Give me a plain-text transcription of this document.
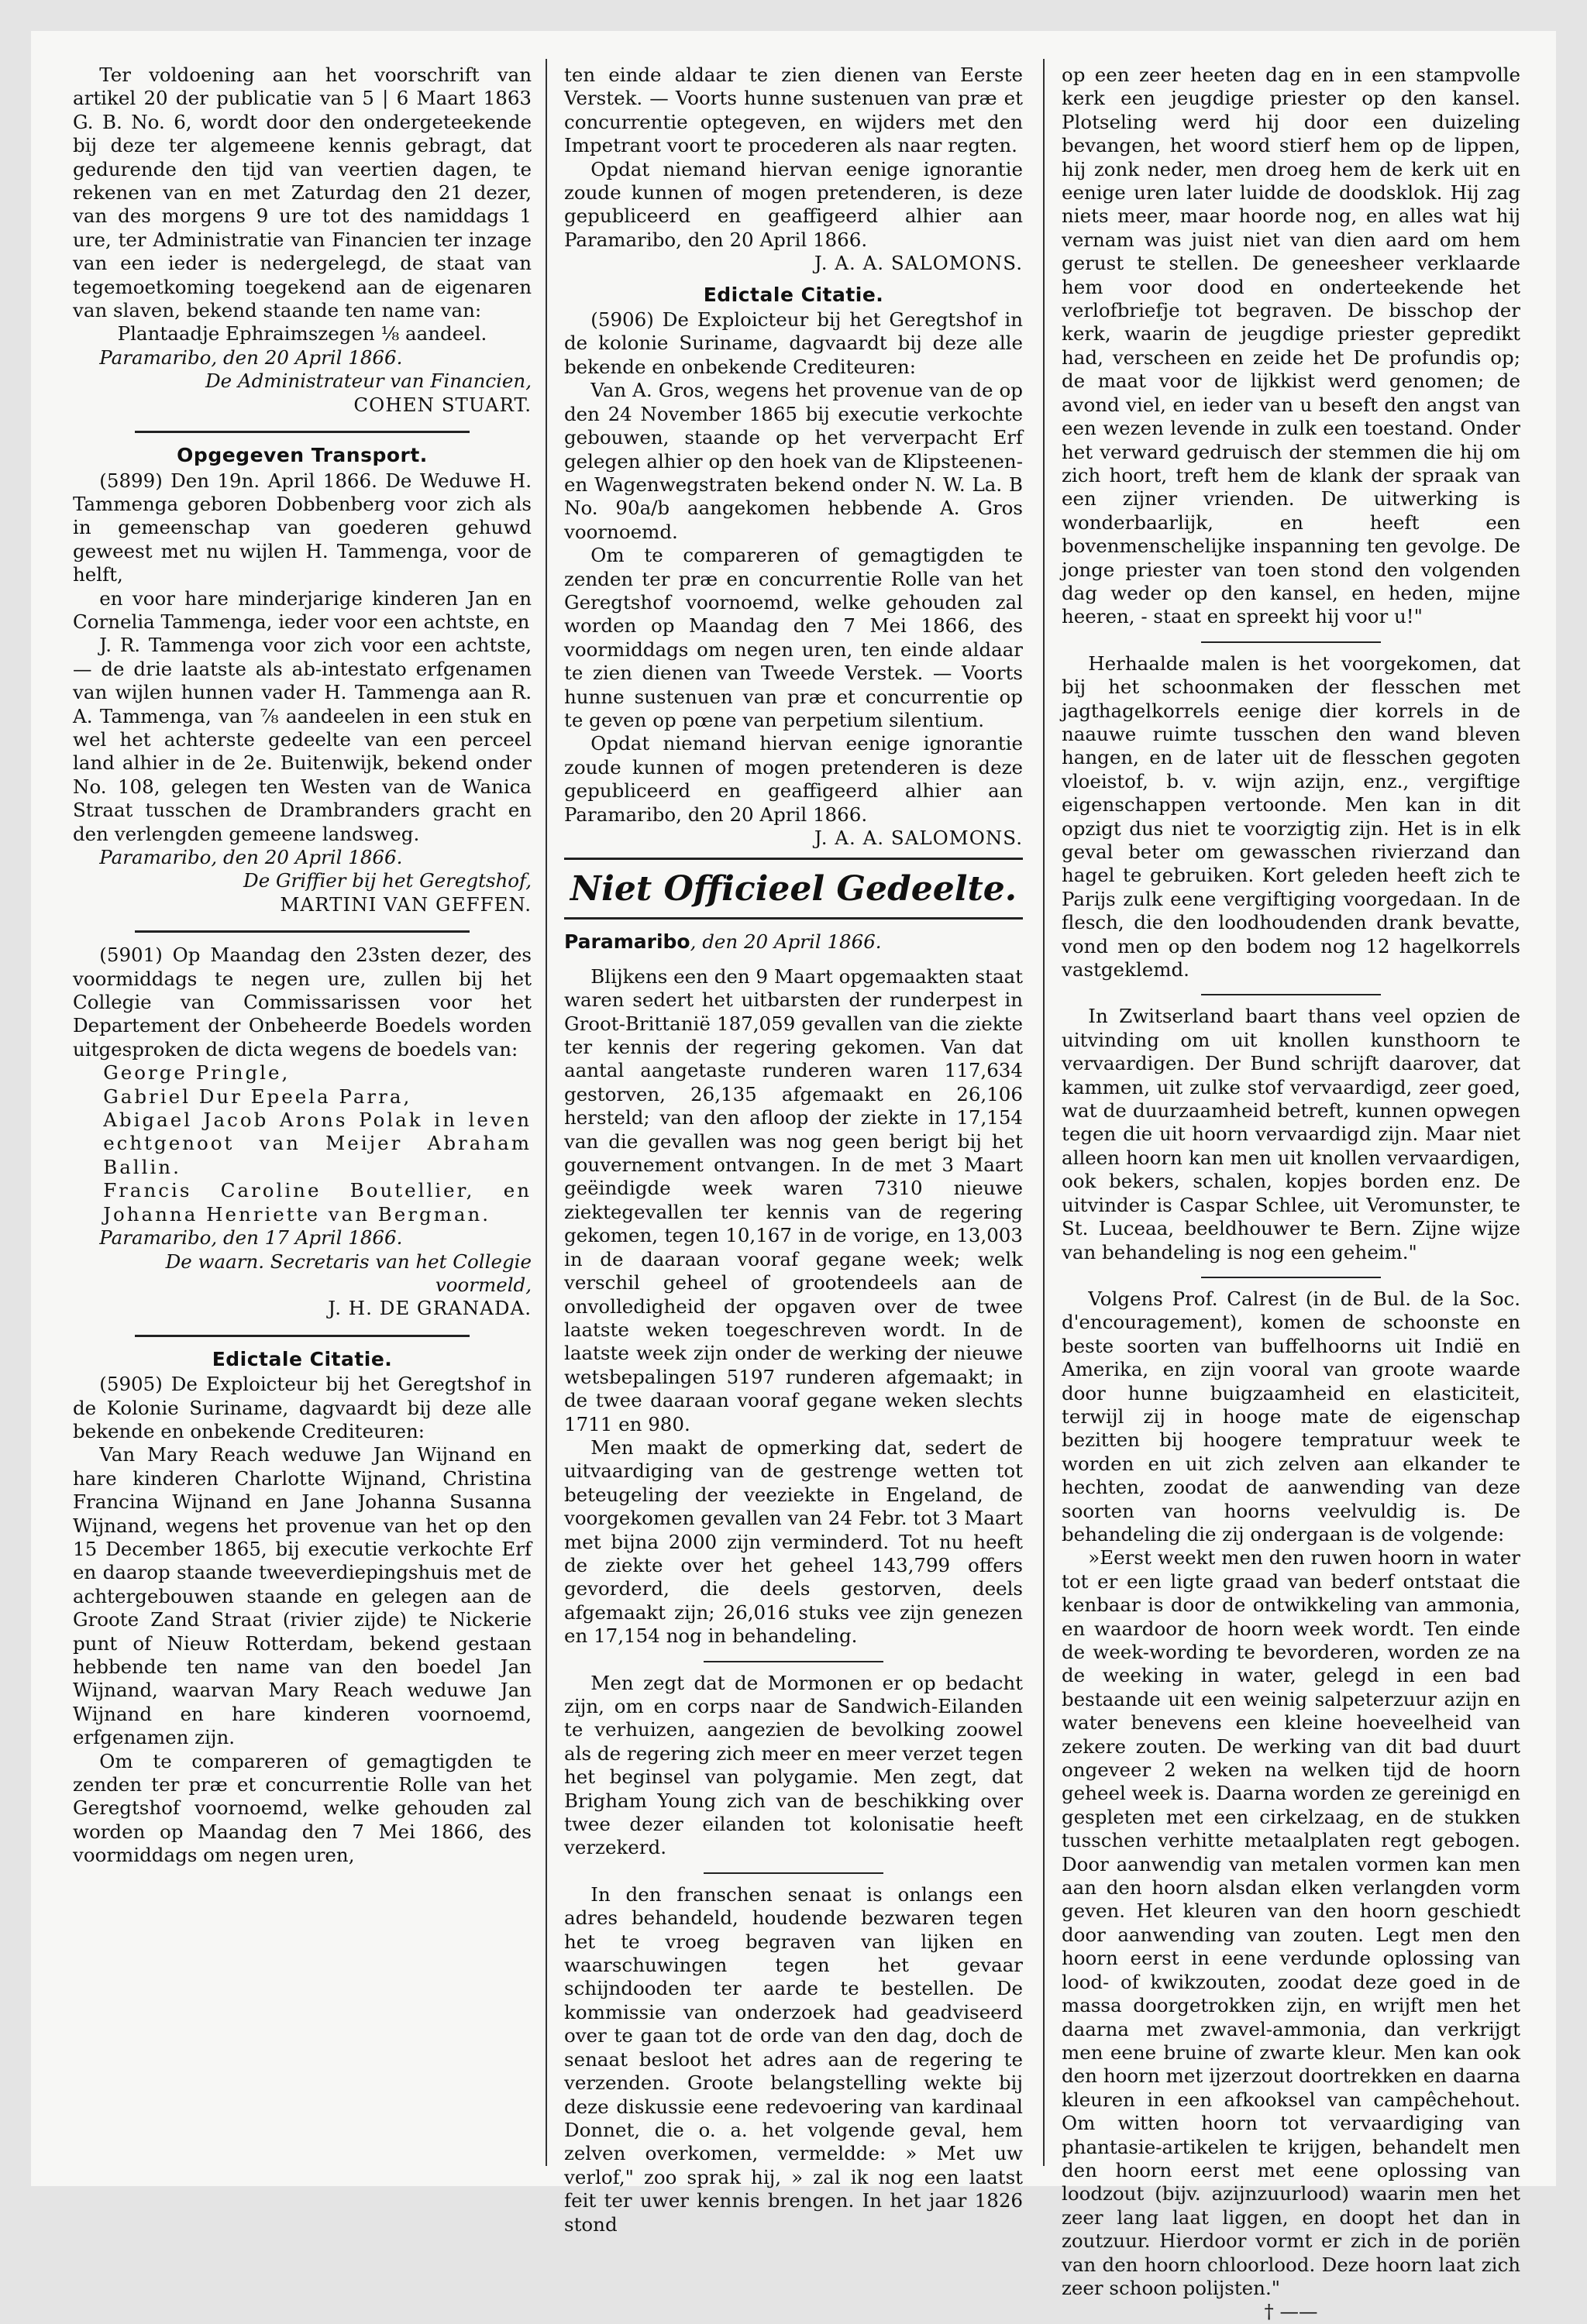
Ter voldoening aan het voorschrift van artikel 20 der publicatie van 5 | 6 Maart 1863 G. B. No. 6, wordt door den ondergeteekende bij deze ter algemeene kennis gebragt, dat gedurende den tijd van veertien dagen, te rekenen van en met Zaturdag den 21 dezer, van des morgens 9 ure tot des namiddags 1 ure, ter Administratie van Financien ter inzage van een ieder is nedergelegd, de staat van tegemoetkoming toegekend aan de eigenaren van slaven, bekend staande ten name van:

Plantaadje Ephraimszegen ⅛ aandeel.

Paramaribo, den 20 April 1866.

De Administrateur van Financien,

COHEN STUART.

Opgegeven Transport.

(5899) Den 19n. April 1866. De Weduwe H. Tammenga geboren Dobbenberg voor zich als in gemeenschap van goederen gehuwd geweest met nu wijlen H. Tammenga, voor de helft,

en voor hare minderjarige kinderen Jan en Cornelia Tammenga, ieder voor een achtste, en

J. R. Tammenga voor zich voor een achtste, — de drie laatste als ab-intestato erfgenamen van wijlen hunnen vader H. Tammenga aan R. A. Tammenga, van ⅞ aandeelen in een stuk en wel het achterste gedeelte van een perceel land alhier in de 2e. Buitenwijk, bekend onder No. 108, gelegen ten Westen van de Wanica Straat tusschen de Drambranders gracht en den verlengden gemeene landsweg.

Paramaribo, den 20 April 1866.

De Griffier bij het Geregtshof,

MARTINI VAN GEFFEN.

(5901) Op Maandag den 23sten dezer, des voormiddags te negen ure, zullen bij het Collegie van Commissarissen voor het Departement der Onbeheerde Boedels worden uitgesproken de dicta wegens de boedels van:

George Pringle,

Gabriel Dur Epeela Parra,

Abigael Jacob Arons Polak in leven echtgenoot van Meijer Abraham Ballin.

Francis Caroline Boutellier, en Johanna Henriette van Bergman.

Paramaribo, den 17 April 1866.

De waarn. Secretaris van het Collegie voormeld,

J. H. DE GRANADA.

Edictale Citatie.

(5905) De Exploicteur bij het Geregtshof in de Kolonie Suriname, dagvaardt bij deze alle bekende en onbekende Crediteuren:

Van Mary Reach weduwe Jan Wijnand en hare kinderen Charlotte Wijnand, Christina Francina Wijnand en Jane Johanna Susanna Wijnand, wegens het provenue van het op den 15 December 1865, bij executie verkochte Erf en daarop staande tweeverdiepingshuis met de achtergebouwen staande en gelegen aan de Groote Zand Straat (rivier zijde) te Nickerie punt of Nieuw Rotterdam, bekend gestaan hebbende ten name van den boedel Jan Wijnand, waarvan Mary Reach weduwe Jan Wijnand en hare kinderen voornoemd, erfgenamen zijn.

Om te compareren of gemagtigden te zenden ter præ et concurrentie Rolle van het Geregtshof voornoemd, welke gehouden zal worden op Maandag den 7 Mei 1866, des voormiddags om negen uren,

ten einde aldaar te zien dienen van Eerste Verstek. — Voorts hunne sustenuen van præ et concurrentie optegeven, en wijders met den Impetrant voort te procederen als naar regten.

Opdat niemand hiervan eenige ignorantie zoude kunnen of mogen pretenderen, is deze gepubliceerd en geaffigeerd alhier aan Paramaribo, den 20 April 1866.

J. A. A. SALOMONS.

Edictale Citatie.

(5906) De Exploicteur bij het Geregtshof in de kolonie Suriname, dagvaardt bij deze alle bekende en onbekende Crediteuren:

Van A. Gros, wegens het provenue van de op den 24 November 1865 bij executie verkochte gebouwen, staande op het ververpacht Erf gelegen alhier op den hoek van de Klipsteenen- en Wagenwegstraten bekend onder N. W. La. B No. 90a/b aangekomen hebbende A. Gros voornoemd.

Om te compareren of gemagtigden te zenden ter præ en concurrentie Rolle van het Geregtshof voornoemd, welke gehouden zal worden op Maandag den 7 Mei 1866, des voormiddags om negen uren, ten einde aldaar te zien dienen van Tweede Verstek. — Voorts hunne sustenuen van præ et concurrentie op te geven op pœne van perpetium silentium.

Opdat niemand hiervan eenige ignorantie zoude kunnen of mogen pretenderen is deze gepubliceerd en geaffigeerd alhier aan Paramaribo, den 20 April 1866.

J. A. A. SALOMONS.

Niet Officieel Gedeelte.

Paramaribo, den 20 April 1866.

Blijkens een den 9 Maart opgemaakten staat waren sedert het uitbarsten der runderpest in Groot-Brittanië 187,059 gevallen van die ziekte ter kennis der regering gekomen. Van dat aantal aangetaste runderen waren 117,634 gestorven, 26,135 afgemaakt en 26,106 hersteld; van den afloop der ziekte in 17,154 van die gevallen was nog geen berigt bij het gouvernement ontvangen. In de met 3 Maart geëindigde week waren 7310 nieuwe ziektegevallen ter kennis van de regering gekomen, tegen 10,167 in de vorige, en 13,003 in de daaraan vooraf gegane week; welk verschil geheel of grootendeels aan de onvolledigheid der opgaven over de twee laatste weken toegeschreven wordt. In de laatste week zijn onder de werking der nieuwe wetsbepalingen 5197 runderen afgemaakt; in de twee daaraan vooraf gegane weken slechts 1711 en 980.

Men maakt de opmerking dat, sedert de uitvaardiging van de gestrenge wetten tot beteugeling der veeziekte in Engeland, de voorgekomen gevallen van 24 Febr. tot 3 Maart met bijna 2000 zijn verminderd. Tot nu heeft de ziekte over het geheel 143,799 offers gevorderd, die deels gestorven, deels afgemaakt zijn; 26,016 stuks vee zijn genezen en 17,154 nog in behandeling.

Men zegt dat de Mormonen er op bedacht zijn, om en corps naar de Sandwich-Eilanden te verhuizen, aangezien de bevolking zoowel als de regering zich meer en meer verzet tegen het beginsel van polygamie. Men zegt, dat Brigham Young zich van de beschikking over twee dezer eilanden tot kolonisatie heeft verzekerd.

In den franschen senaat is onlangs een adres behandeld, houdende bezwaren tegen het te vroeg begraven van lijken en waarschuwingen tegen het gevaar schijndooden ter aarde te bestellen. De kommissie van onderzoek had geadviseerd over te gaan tot de orde van den dag, doch de senaat besloot het adres aan de regering te verzenden. Groote belangstelling wekte bij deze diskussie eene redevoering van kardinaal Donnet, die o. a. het volgende geval, hem zelven overkomen, vermeldde: » Met uw verlof," zoo sprak hij, » zal ik nog een laatst feit ter uwer kennis brengen. In het jaar 1826 stond

op een zeer heeten dag en in een stampvolle kerk een jeugdige priester op den kansel. Plotseling werd hij door een duizeling bevangen, het woord stierf hem op de lippen, hij zonk neder, men droeg hem de kerk uit en eenige uren later luidde de doodsklok. Hij zag niets meer, maar hoorde nog, en alles wat hij vernam was juist niet van dien aard om hem gerust te stellen. De geneesheer verklaarde hem voor dood en onderteekende het verlofbriefje tot begraven. De bisschop der kerk, waarin de jeugdige priester gepredikt had, verscheen en zeide het De profundis op; de maat voor de lijkkist werd genomen; de avond viel, en ieder van u beseft den angst van een wezen levende in zulk een toestand. Onder het verward gedruisch der stemmen die hij om zich hoort, treft hem de klank der spraak van een zijner vrienden. De uitwerking is wonderbaarlijk, en heeft een bovenmenschelijke inspanning ten gevolge. De jonge priester van toen stond den volgenden dag weder op den kansel, en heden, mijne heeren, - staat en spreekt hij voor u!"

Herhaalde malen is het voorgekomen, dat bij het schoonmaken der flesschen met jagthagelkorrels eenige dier korrels in de naauwe ruimte tusschen den wand bleven hangen, en de later uit de flesschen gegoten vloeistof, b. v. wijn azijn, enz., vergiftige eigenschappen vertoonde. Men kan in dit opzigt dus niet te voorzigtig zijn. Het is in elk geval beter om gewasschen rivierzand dan hagel te gebruiken. Kort geleden heeft zich te Parijs zulk eene vergiftiging voorgedaan. In de flesch, die den loodhoudenden drank bevatte, vond men op den bodem nog 12 hagelkorrels vastgeklemd.

In Zwitserland baart thans veel opzien de uitvinding om uit knollen kunsthoorn te vervaardigen. Der Bund schrijft daarover, dat kammen, uit zulke stof vervaardigd, zeer goed, wat de duurzaamheid betreft, kunnen opwegen tegen die uit hoorn vervaardigd zijn. Maar niet alleen hoorn kan men uit knollen vervaardigen, ook bekers, schalen, kopjes borden enz. De uitvinder is Caspar Schlee, uit Veromunster, te St. Luceaa, beeldhouwer te Bern. Zijne wijze van behandeling is nog een geheim."

Volgens Prof. Calrest (in de Bul. de la Soc. d'encouragement), komen de schoonste en beste soorten van buffelhoorns uit Indië en Amerika, en zijn vooral van groote waarde door hunne buigzaamheid en elasticiteit, terwijl zij in hooge mate de eigenschap bezitten bij hoogere tempratuur week te worden en uit zich zelven aan elkander te hechten, zoodat de aanwending van deze soorten van hoorns veelvuldig is. De behandeling die zij ondergaan is de volgende:

»Eerst weekt men den ruwen hoorn in water tot er een ligte graad van bederf ontstaat die kenbaar is door de ontwikkeling van ammonia, en waardoor de hoorn week wordt. Ten einde de week-wording te bevorderen, worden ze na de weeking in water, gelegd in een bad bestaande uit een weinig salpeterzuur azijn en water benevens een kleine hoeveelheid van zekere zouten. De werking van dit bad duurt ongeveer 2 weken na welken tijd de hoorn geheel week is. Daarna worden ze gereinigd en gespleten met een cirkelzaag, en de stukken tusschen verhitte metaalplaten regt gebogen. Door aanwendig van metalen vormen kan men aan den hoorn alsdan elken verlangden vorm geven. Het kleuren van den hoorn geschiedt door aanwending van zouten. Legt men den hoorn eerst in eene verdunde oplossing van lood- of kwikzouten, zoodat deze goed in de massa doorgetrokken zijn, en wrijft men het daarna met zwavel-ammonia, dan verkrijgt men eene bruine of zwarte kleur. Men kan ook den hoorn met ijzerzout doortrekken en daarna kleuren in een afkooksel van campêchehout. Om witten hoorn tot vervaardiging van phantasie-artikelen te krijgen, behandelt men den hoorn eerst met eene oplossing van loodzout (bijv. azijnzuurlood) waarin men het zeer lang laat liggen, en doopt het dan in zoutzuur. Hierdoor vormt er zich in de poriën van den hoorn chloorlood. Deze hoorn laat zich zeer schoon polijsten."

† ——
